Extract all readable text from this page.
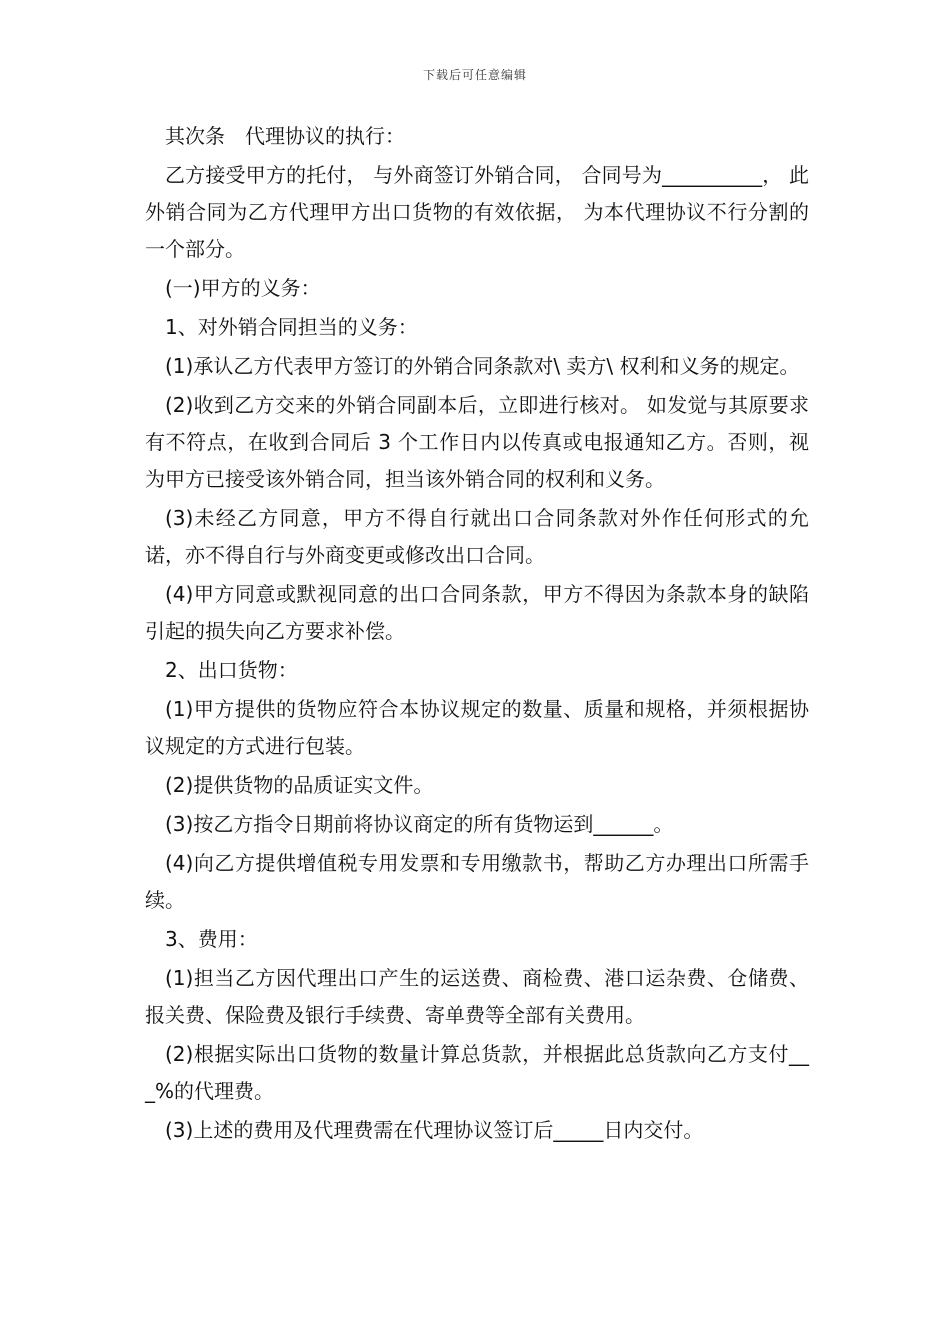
下载后可任意编辑

其次条　代理协议的执行：

乙方接受甲方的托付， 与外商签订外销合同， 合同号为__________， 此外销合同为乙方代理甲方出口货物的有效依据， 为本代理协议不行分割的一个部分。

(一)甲方的义务：

1、对外销合同担当的义务：

(1)承认乙方代表甲方签订的外销合同条款对\ 卖方\ 权利和义务的规定。

(2)收到乙方交来的外销合同副本后，立即进行核对。 如发觉与其原要求有不符点，在收到合同后 3 个工作日内以传真或电报通知乙方。否则，视为甲方已接受该外销合同，担当该外销合同的权利和义务。

(3)未经乙方同意，甲方不得自行就出口合同条款对外作任何形式的允诺，亦不得自行与外商变更或修改出口合同。

(4)甲方同意或默视同意的出口合同条款，甲方不得因为条款本身的缺陷引起的损失向乙方要求补偿。

2、出口货物：

(1)甲方提供的货物应符合本协议规定的数量、质量和规格，并须根据协议规定的方式进行包装。

(2)提供货物的品质证实文件。

(3)按乙方指令日期前将协议商定的所有货物运到______。

(4)向乙方提供增值税专用发票和专用缴款书，帮助乙方办理出口所需手续。

3、费用：

(1)担当乙方因代理出口产生的运送费、商检费、港口运杂费、仓储费、报关费、保险费及银行手续费、寄单费等全部有关费用。

(2)根据实际出口货物的数量计算总货款，并根据此总货款向乙方支付___%的代理费。

(3)上述的费用及代理费需在代理协议签订后_____日内交付。
